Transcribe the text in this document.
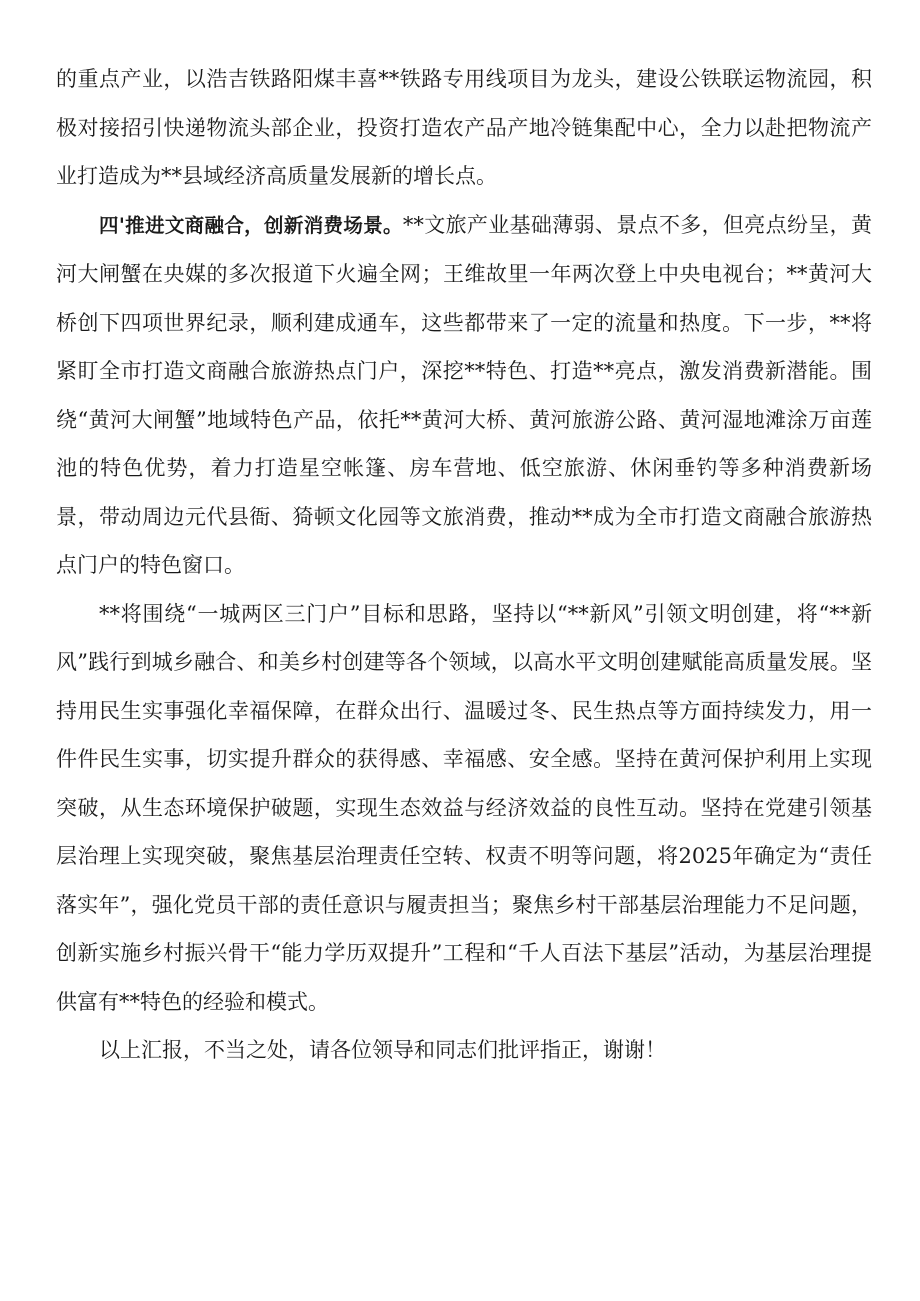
的重点产业，以浩吉铁路阳煤丰喜**铁路专用线项目为龙头，建设公铁联运物流园，积极对接招引快递物流头部企业，投资打造农产品产地冷链集配中心，全力以赴把物流产业打造成为**县域经济高质量发展新的增长点。

四'推进文商融合，创新消费场景。**文旅产业基础薄弱、景点不多，但亮点纷呈，黄河大闸蟹在央媒的多次报道下火遍全网；王维故里一年两次登上中央电视台；**黄河大桥创下四项世界纪录，顺利建成通车，这些都带来了一定的流量和热度。下一步，**将紧盯全市打造文商融合旅游热点门户，深挖**特色、打造**亮点，激发消费新潜能。围绕“黄河大闸蟹”地域特色产品，依托**黄河大桥、黄河旅游公路、黄河湿地滩涂万亩莲池的特色优势，着力打造星空帐篷、房车营地、低空旅游、休闲垂钓等多种消费新场景，带动周边元代县衙、猗顿文化园等文旅消费，推动**成为全市打造文商融合旅游热点门户的特色窗口。

**将围绕“一城两区三门户”目标和思路，坚持以“**新风”引领文明创建，将“**新风”践行到城乡融合、和美乡村创建等各个领域，以高水平文明创建赋能高质量发展。坚持用民生实事强化幸福保障，在群众出行、温暖过冬、民生热点等方面持续发力，用一件件民生实事，切实提升群众的获得感、幸福感、安全感。坚持在黄河保护利用上实现突破，从生态环境保护破题，实现生态效益与经济效益的良性互动。坚持在党建引领基层治理上实现突破，聚焦基层治理责任空转、权责不明等问题，将2025年确定为“责任落实年”，强化党员干部的责任意识与履责担当；聚焦乡村干部基层治理能力不足问题，创新实施乡村振兴骨干“能力学历双提升”工程和“千人百法下基层”活动，为基层治理提供富有**特色的经验和模式。

以上汇报，不当之处，请各位领导和同志们批评指正，谢谢！
